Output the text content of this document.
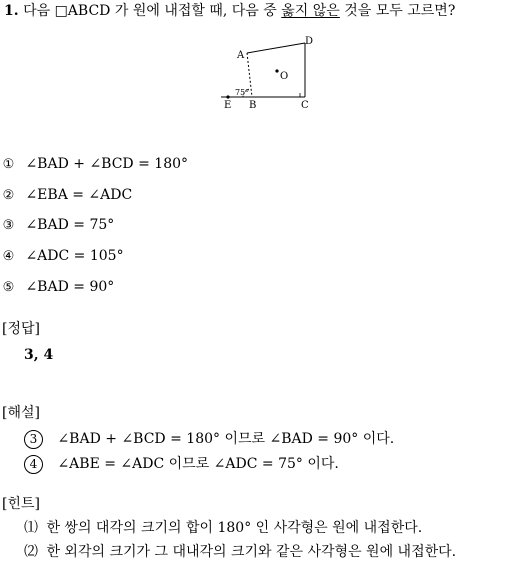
1. 다음 □ABCD 가 원에 내접할 때, 다음 중 옳지 않은 것을 모두 고르면?
A
D
O
75°
E B	C
① ∠BAD + ∠BCD = 180°
② ∠EBA = ∠ADC
③ ∠BAD = 75°
④ ∠ADC = 105°
⑤ ∠BAD = 90°
[정답]
3, 4
[해설]
3 ∠BAD + ∠BCD = 180° 이므로 ∠BAD = 90° 이다.
4 ∠ABE = ∠ADC 이므로 ∠ADC = 75° 이다.
[힌트]
⑴ 한 쌍의 대각의 크기의 합이 180° 인 사각형은 원에 내접한다.
⑵ 한 외각의 크기가 그 대내각의 크기와 같은 사각형은 원에 내접한다.
